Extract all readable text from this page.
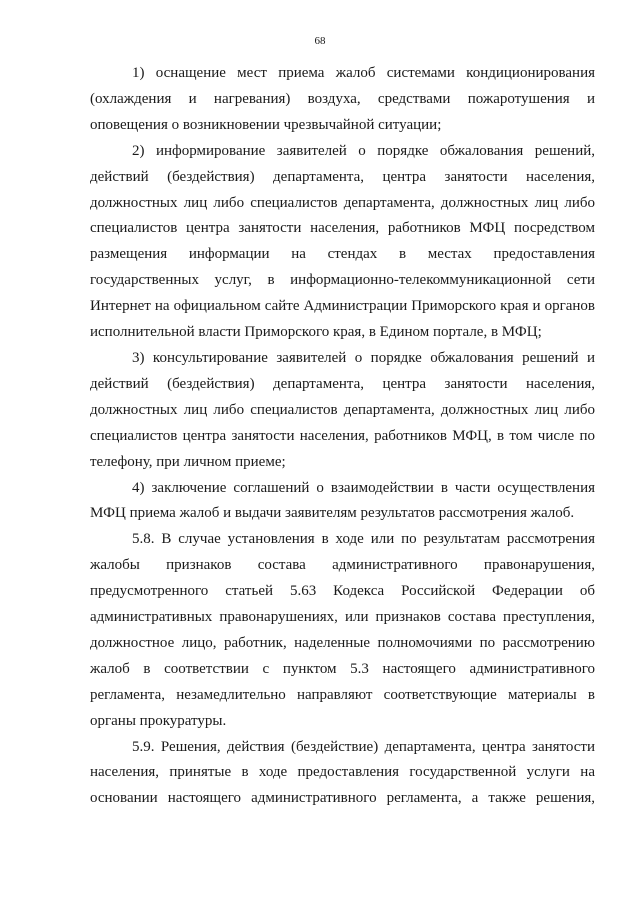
68

1) оснащение мест приема жалоб системами кондиционирования (охлаждения и нагревания) воздуха, средствами пожаротушения и оповещения о возникновении чрезвычайной ситуации;

2) информирование заявителей о порядке обжалования решений, действий (бездействия) департамента, центра занятости населения, должностных лиц либо специалистов департамента, должностных лиц либо специалистов центра занятости населения, работников МФЦ посредством размещения информации на стендах в местах предоставления государственных услуг, в информационно-телекоммуникационной сети Интернет на официальном сайте Администрации Приморского края и органов исполнительной власти Приморского края, в Едином портале, в МФЦ;

3) консультирование заявителей о порядке обжалования решений и действий (бездействия) департамента, центра занятости населения, должностных лиц либо специалистов департамента, должностных лиц либо специалистов центра занятости населения, работников МФЦ, в том числе по телефону, при личном приеме;

4) заключение соглашений о взаимодействии в части осуществления МФЦ приема жалоб и выдачи заявителям результатов рассмотрения жалоб.

5.8. В случае установления в ходе или по результатам рассмотрения жалобы признаков состава административного правонарушения, предусмотренного статьей 5.63 Кодекса Российской Федерации об административных правонарушениях, или признаков состава преступления, должностное лицо, работник, наделенные полномочиями по рассмотрению жалоб в соответствии с пунктом 5.3 настоящего административного регламента, незамедлительно направляют соответствующие материалы в органы прокуратуры.

5.9. Решения, действия (бездействие) департамента, центра занятости населения, принятые в ходе предоставления государственной услуги на основании настоящего административного регламента, а также решения,
